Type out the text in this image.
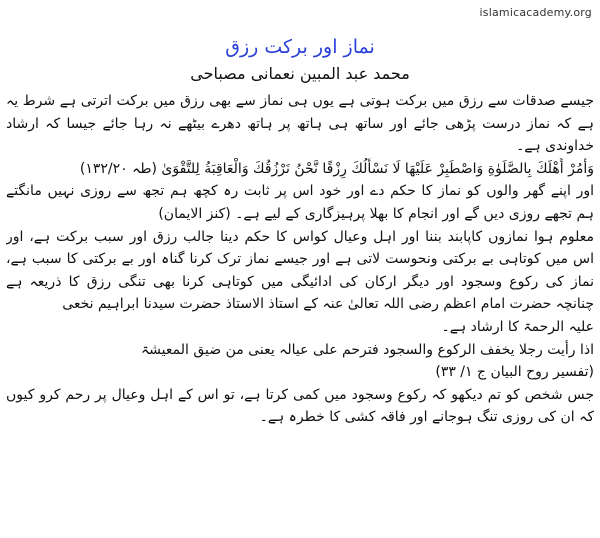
islamicacademy.org
نماز اور برکت رزق
محمد عبد المبین نعمانی مصباحی
جیسے صدقات سے رزق میں برکت ہوتی ہے یوں ہی نماز سے بھی رزق میں برکت اترتی ہے شرط یہ
ہے کہ نماز درست پڑھی جائے اور ساتھ ہی ہاتھ پر ہاتھ دھرے بیٹھے نہ رہا جائے جیسا کہ ارشاد
خداوندی ہے۔
وَأْمُرْ أَهْلَكَ بِالصَّلَوٰةِ وَاصْطَبِرْ عَلَيْهَا لَا نَسْأَلُكَ رِزْقًا نَّحْنُ نَرْزُقُكَ وَالْعَاقِبَةُ لِلتَّقْوَىٰ (طہ ۱۳۲/۲۰)
اور اپنے گھر والوں کو نماز کا حکم دے اور خود اس پر ثابت رہ کچھ ہم تجھ سے روزی نہیں مانگتے
ہم تجھے روزی دیں گے اور انجام کا بھلا پرہیزگاری کے لیے ہے۔ (کنز الایمان)
معلوم ہوا نمازوں کاپابند بننا اور اہل وعیال کواس کا حکم دینا جالب رزق اور سبب برکت ہے، اور
اس میں کوتاہی بے برکتی ونحوست لاتی ہے اور جیسے نماز ترک کرنا گناہ اور بے برکتی کا سبب ہے،
نماز کی رکوع وسجود اور دیگر ارکان کی ادائیگی میں کوتاہی کرنا بھی تنگی رزق کا ذریعہ ہے
چنانچہ حضرت امام اعظم رضی اللہ تعالیٰ عنہ کے استاذ الاستاذ حضرت سیدنا ابراہیم نخعی
علیہ الرحمۃ کا ارشاد ہے۔
اذا رأیت رجلا یخفف الرکوع والسجود فترحم علی عیالہ یعنی من ضیق المعیشۃ
(تفسیر روح البیان ج ۱/ ۳۳)
جس شخص کو تم دیکھو کہ رکوع وسجود میں کمی کرتا ہے، تو اس کے اہل وعیال پر رحم کرو کیوں
کہ ان کی روزی تنگ ہوجانے اور فاقہ کشی کا خطرہ ہے۔
